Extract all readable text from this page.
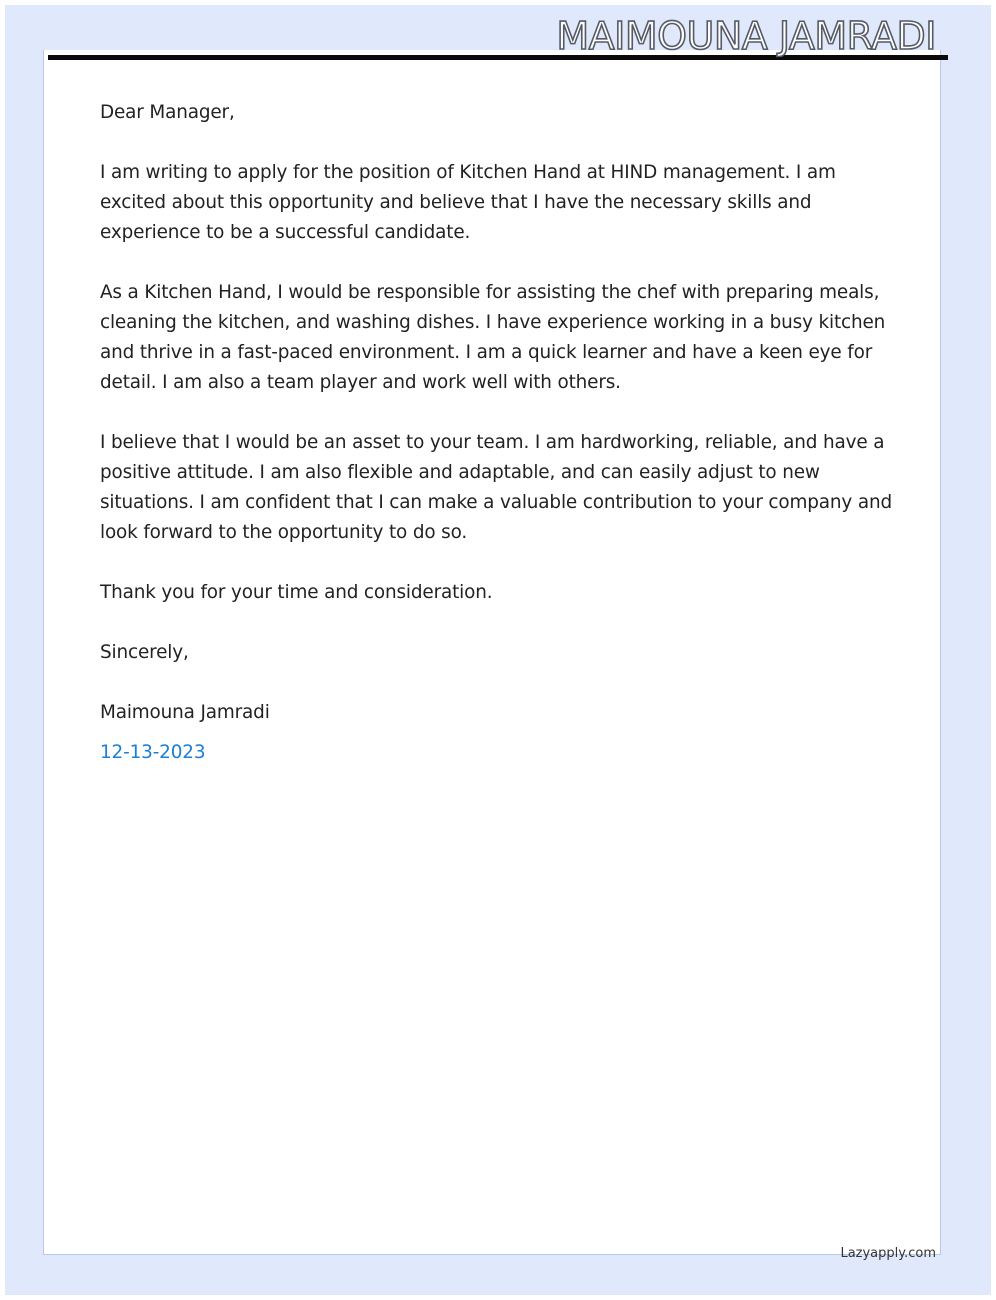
MAIMOUNA JAMRADI

Dear Manager,

I am writing to apply for the position of Kitchen Hand at HIND management. I am excited about this opportunity and believe that I have the necessary skills and experience to be a successful candidate.

As a Kitchen Hand, I would be responsible for assisting the chef with preparing meals, cleaning the kitchen, and washing dishes. I have experience working in a busy kitchen and thrive in a fast-paced environment. I am a quick learner and have a keen eye for detail. I am also a team player and work well with others.

I believe that I would be an asset to your team. I am hardworking, reliable, and have a positive attitude. I am also flexible and adaptable, and can easily adjust to new situations. I am confident that I can make a valuable contribution to your company and look forward to the opportunity to do so.

Thank you for your time and consideration.

Sincerely,

Maimouna Jamradi

12-13-2023

Lazyapply.com
